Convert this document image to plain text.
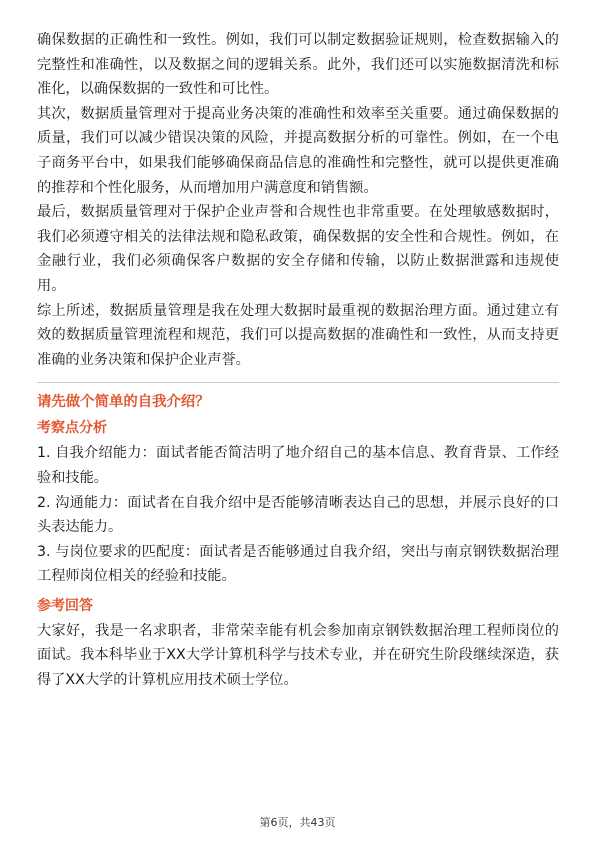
确保数据的正确性和一致性。例如，我们可以制定数据验证规则，检查数据输入的完整性和准确性，以及数据之间的逻辑关系。此外，我们还可以实施数据清洗和标准化，以确保数据的一致性和可比性。

其次，数据质量管理对于提高业务决策的准确性和效率至关重要。通过确保数据的质量，我们可以减少错误决策的风险，并提高数据分析的可靠性。例如，在一个电子商务平台中，如果我们能够确保商品信息的准确性和完整性，就可以提供更准确的推荐和个性化服务，从而增加用户满意度和销售额。

最后，数据质量管理对于保护企业声誉和合规性也非常重要。在处理敏感数据时，我们必须遵守相关的法律法规和隐私政策，确保数据的安全性和合规性。例如，在金融行业，我们必须确保客户数据的安全存储和传输，以防止数据泄露和违规使用。

综上所述，数据质量管理是我在处理大数据时最重视的数据治理方面。通过建立有效的数据质量管理流程和规范，我们可以提高数据的准确性和一致性，从而支持更准确的业务决策和保护企业声誉。

请先做个简单的自我介绍？
考察点分析

1. 自我介绍能力：面试者能否简洁明了地介绍自己的基本信息、教育背景、工作经验和技能。

2. 沟通能力：面试者在自我介绍中是否能够清晰表达自己的思想，并展示良好的口头表达能力。

3. 与岗位要求的匹配度：面试者是否能够通过自我介绍，突出与南京钢铁数据治理工程师岗位相关的经验和技能。

参考回答

大家好，我是一名求职者，非常荣幸能有机会参加南京钢铁数据治理工程师岗位的面试。我本科毕业于XX大学计算机科学与技术专业，并在研究生阶段继续深造，获得了XX大学的计算机应用技术硕士学位。

第6页，共43页
